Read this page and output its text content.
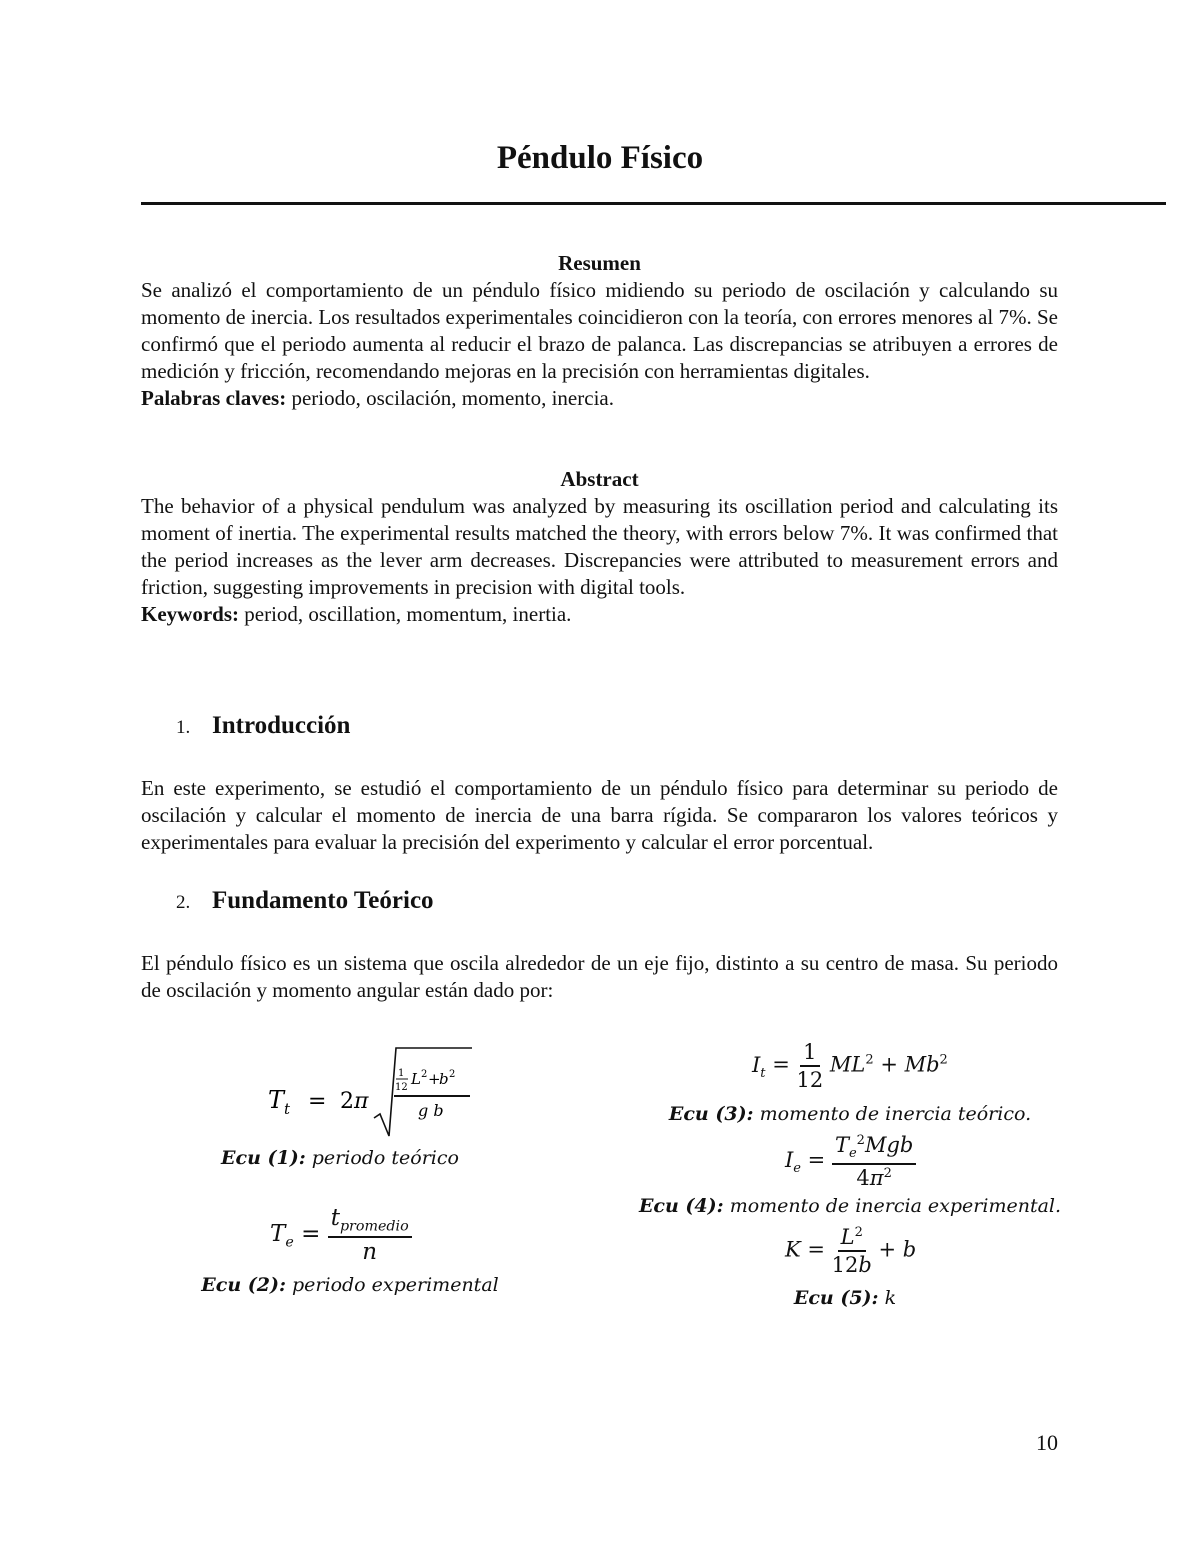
Péndulo Físico
Resumen

Se analizó el comportamiento de un péndulo físico midiendo su periodo de oscilación y calculando su momento de inercia. Los resultados experimentales coincidieron con la teoría, con errores menores al 7%. Se confirmó que el periodo aumenta al reducir el brazo de palanca. Las discrepancias se atribuyen a errores de medición y fricción, recomendando mejoras en la precisión con herramientas digitales.

Palabras claves: periodo, oscilación, momento, inercia.

Abstract

The behavior of a physical pendulum was analyzed by measuring its oscillation period and calculating its moment of inertia. The experimental results matched the theory, with errors below 7%. It was confirmed that the period increases as the lever arm decreases. Discrepancies were attributed to measurement errors and friction, suggesting improvements in precision with digital tools.

Keywords: period, oscillation, momentum, inertia.

1. Introducción
En este experimento, se estudió el comportamiento de un péndulo físico para determinar su periodo de oscilación y calcular el momento de inercia de una barra rígida. Se compararon los valores teóricos y experimentales para evaluar la precisión del experimento y calcular el error porcentual.
2. Fundamento Teórico
El péndulo físico es un sistema que oscila alrededor de un eje fijo, distinto a su centro de masa. Su periodo de oscilación y momento angular están dado por:
T t = 2 π
1
12 L 2 +
b 2
g b
Ecu (1): periodo teórico
$T_e = \frac{t_{promedio}}{n}$
Ecu (2): periodo experimental
$I_t = \frac{1}{12} ML^2 + Mb^2$
Ecu (3): momento de inercia teórico.
$I_e = \frac{T_e^2Mgb}{4\pi^2}$
Ecu (4): momento de inercia experimental.
$K = \frac{L^2}{12b} + b$
Ecu (5): k
10
